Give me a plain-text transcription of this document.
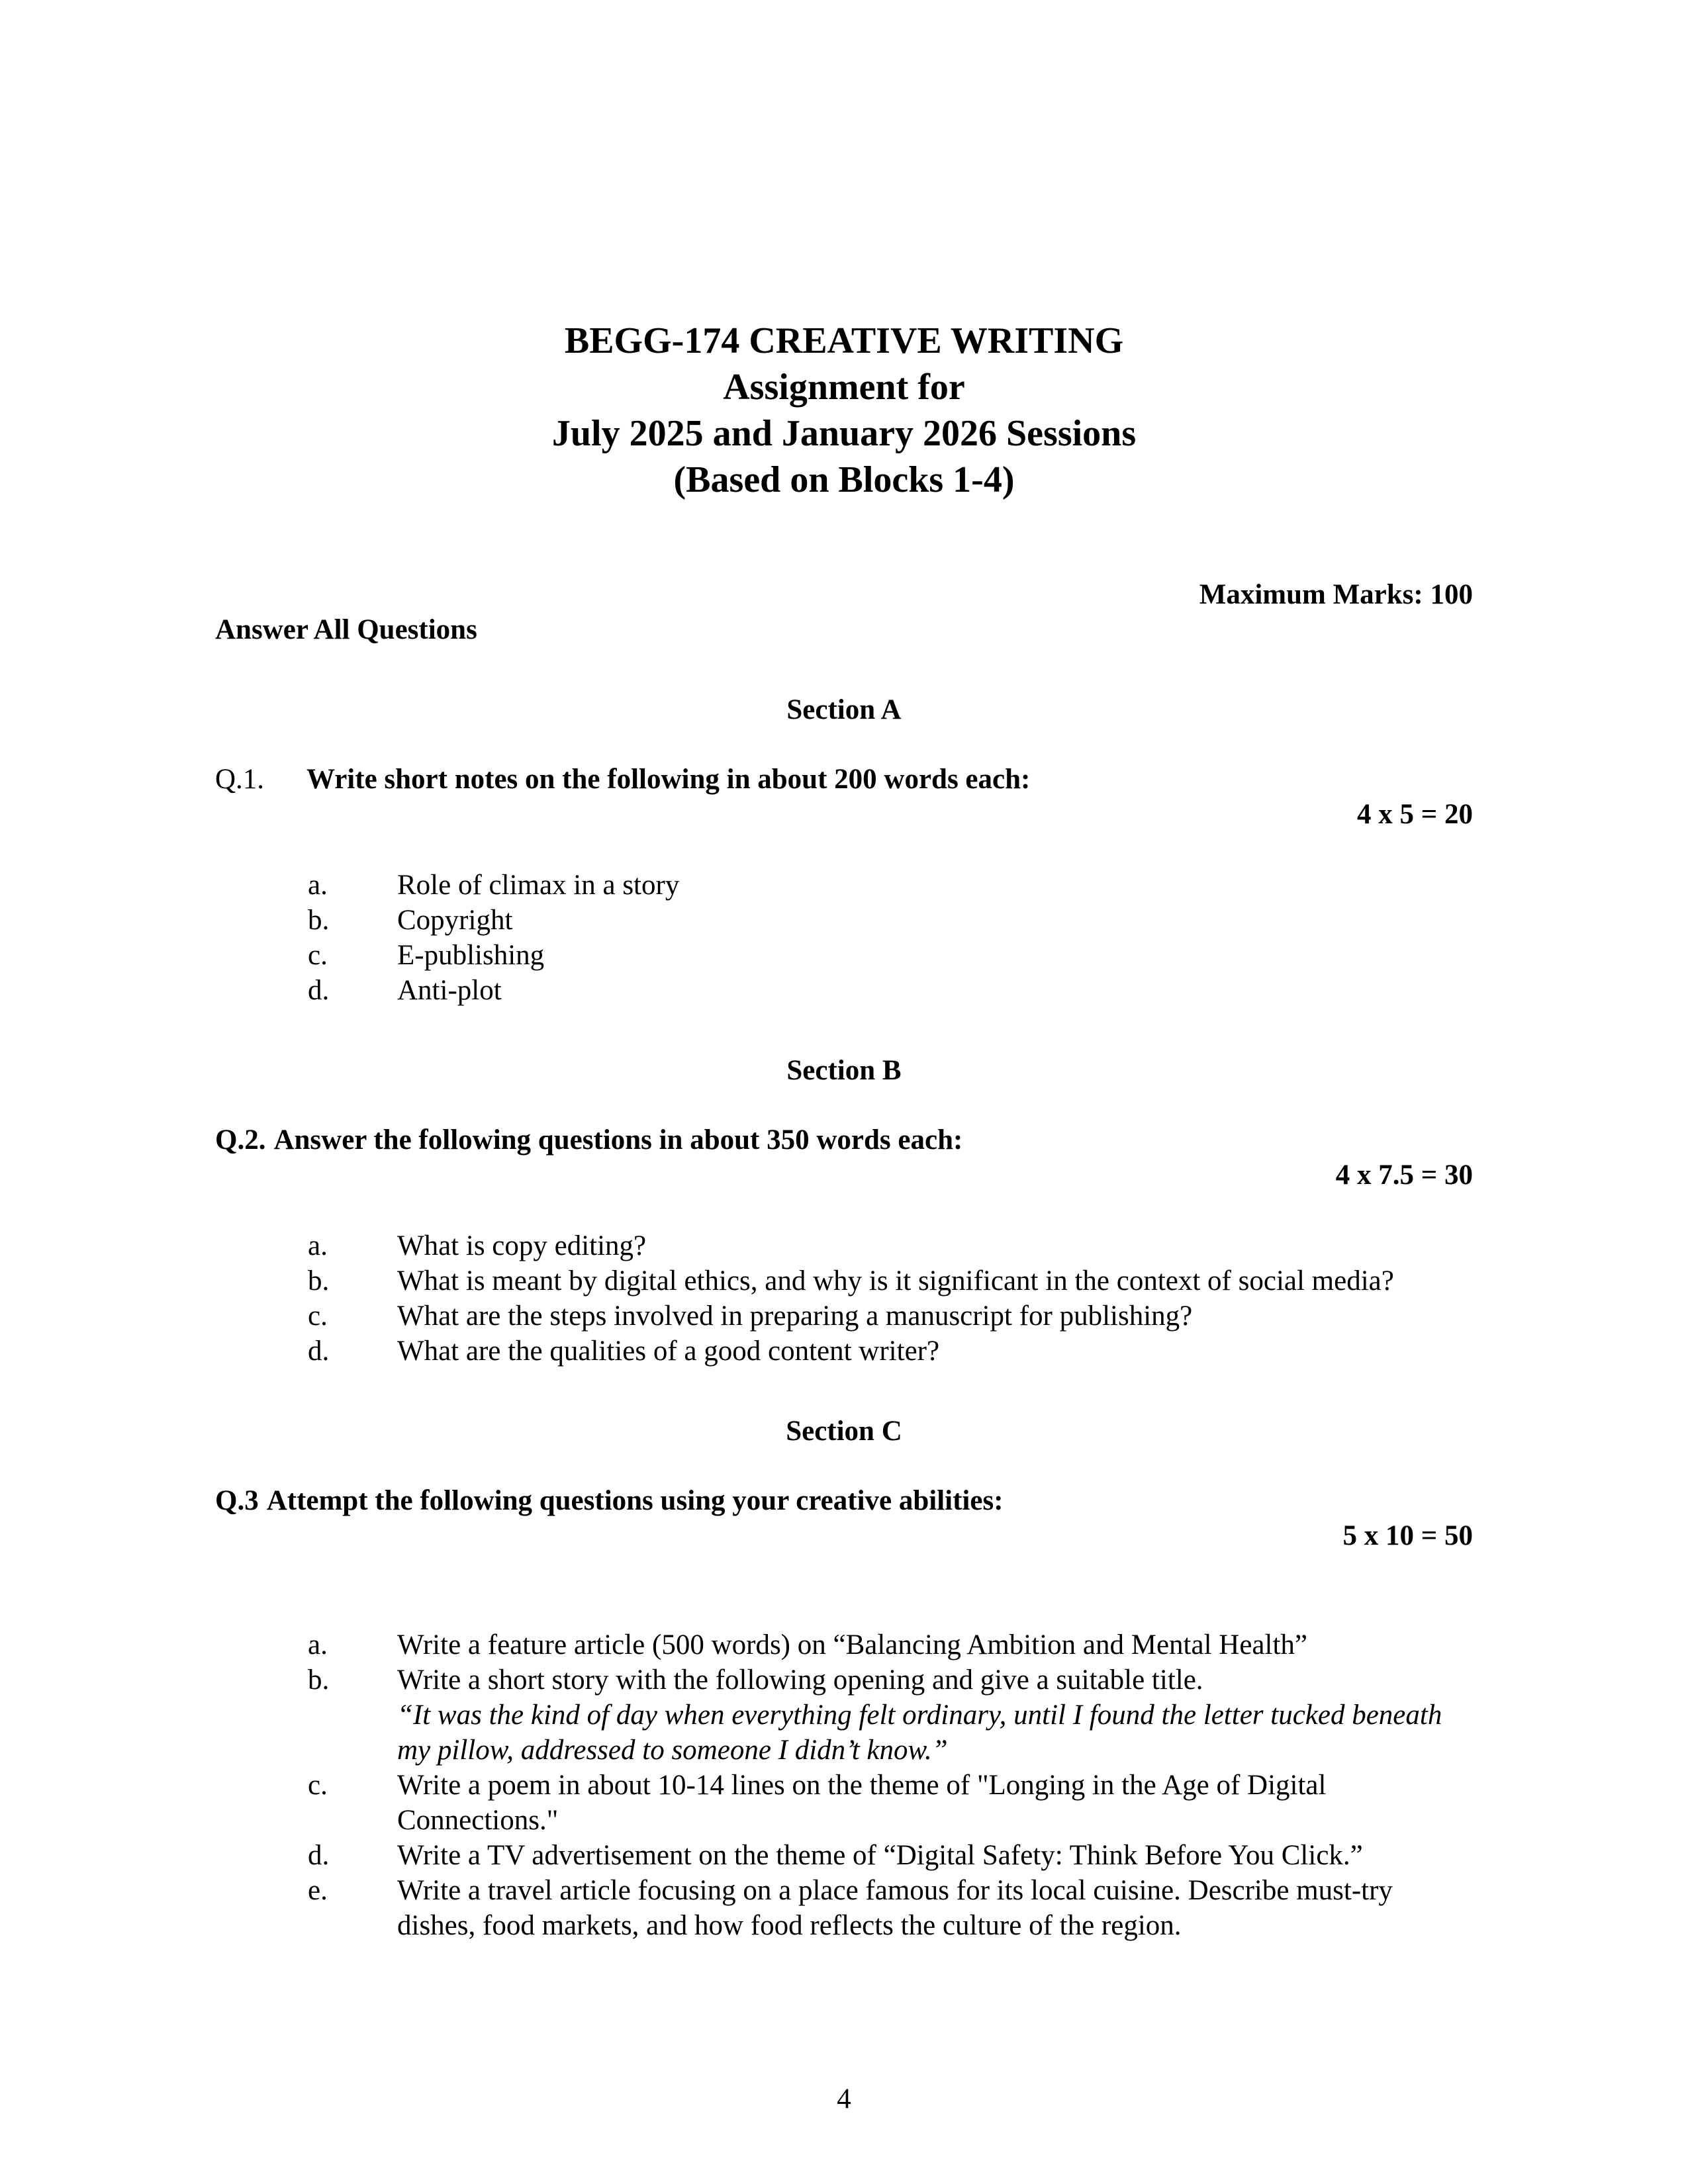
BEGG-174 CREATIVE WRITING
Assignment for
July 2025 and January 2026 Sessions
(Based on Blocks 1-4)
Maximum Marks: 100
Answer All Questions
Section A
Q.1.	Write short notes on the following in about 200 words each:
4 x 5 = 20
a.	Role of climax in a story
b.	Copyright
c.	E-publishing
d.	Anti-plot
Section B
Q.2. Answer the following questions in about 350 words each:
4 x 7.5 = 30
a.	What is copy editing?
b.	What is meant by digital ethics, and why is it significant in the context of social media?
c.	What are the steps involved in preparing a manuscript for publishing?
d.	What are the qualities of a good content writer?
Section C
Q.3 Attempt the following questions using your creative abilities:
5 x 10 = 50
a.	Write a feature article (500 words) on “Balancing Ambition and Mental Health”
b.	Write a short story with the following opening and give a suitable title.
“It was the kind of day when everything felt ordinary, until I found the letter tucked beneath my pillow, addressed to someone I didn’t know.”
c.	Write a poem in about 10-14 lines on the theme of "Longing in the Age of Digital Connections."
d.	Write a TV advertisement on the theme of “Digital Safety: Think Before You Click.”
e.	Write a travel article focusing on a place famous for its local cuisine. Describe must-try dishes, food markets, and how food reflects the culture of the region.
4
